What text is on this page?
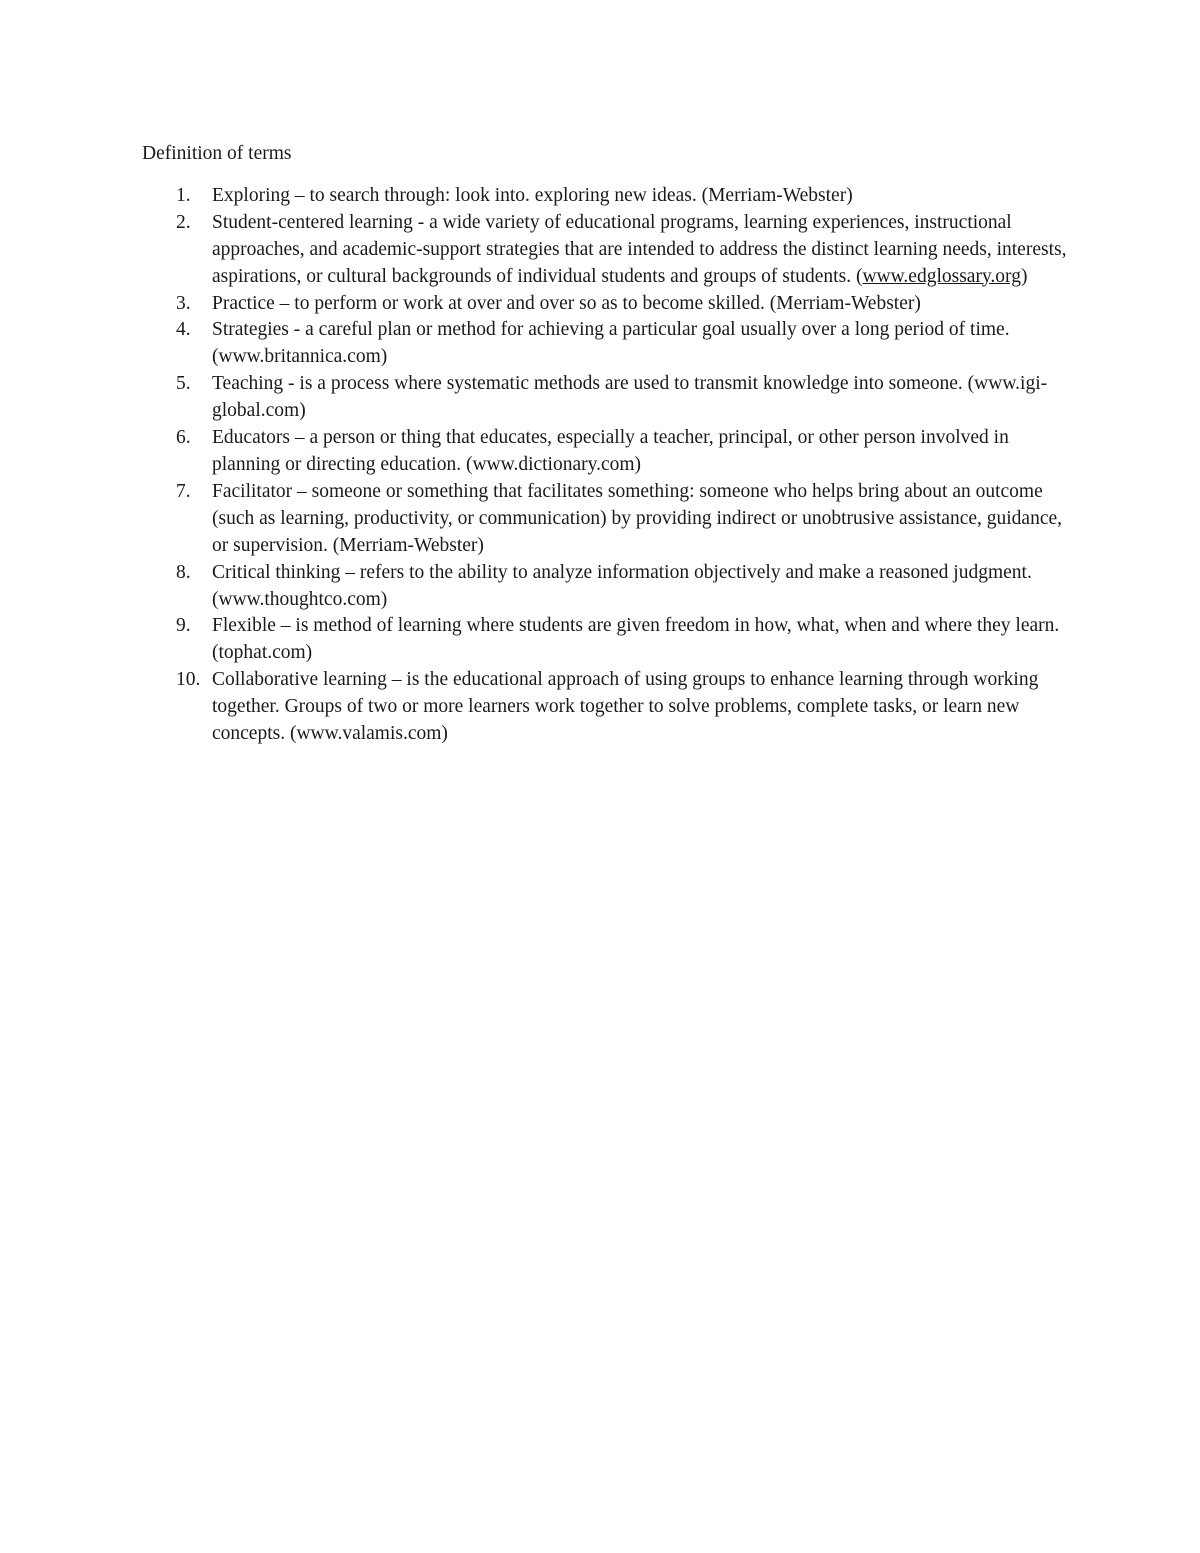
Definition of terms

1. Exploring – to search through: look into. exploring new ideas. (Merriam-Webster)
2. Student-centered learning - a wide variety of educational programs, learning experiences, instructional approaches, and academic-support strategies that are intended to address the distinct learning needs, interests, aspirations, or cultural backgrounds of individual students and groups of students. (www.edglossary.org)
3. Practice – to perform or work at over and over so as to become skilled. (Merriam-Webster)
4. Strategies - a careful plan or method for achieving a particular goal usually over a long period of time. (www.britannica.com)
5. Teaching - is a process where systematic methods are used to transmit knowledge into someone. (www.igi-global.com)
6. Educators – a person or thing that educates, especially a teacher, principal, or other person involved in planning or directing education. (www.dictionary.com)
7. Facilitator – someone or something that facilitates something: someone who helps bring about an outcome (such as learning, productivity, or communication) by providing indirect or unobtrusive assistance, guidance, or supervision. (Merriam-Webster)
8. Critical thinking – refers to the ability to analyze information objectively and make a reasoned judgment. (www.thoughtco.com)
9. Flexible – is method of learning where students are given freedom in how, what, when and where they learn. (tophat.com)
10. Collaborative learning – is the educational approach of using groups to enhance learning through working together. Groups of two or more learners work together to solve problems, complete tasks, or learn new concepts. (www.valamis.com)
